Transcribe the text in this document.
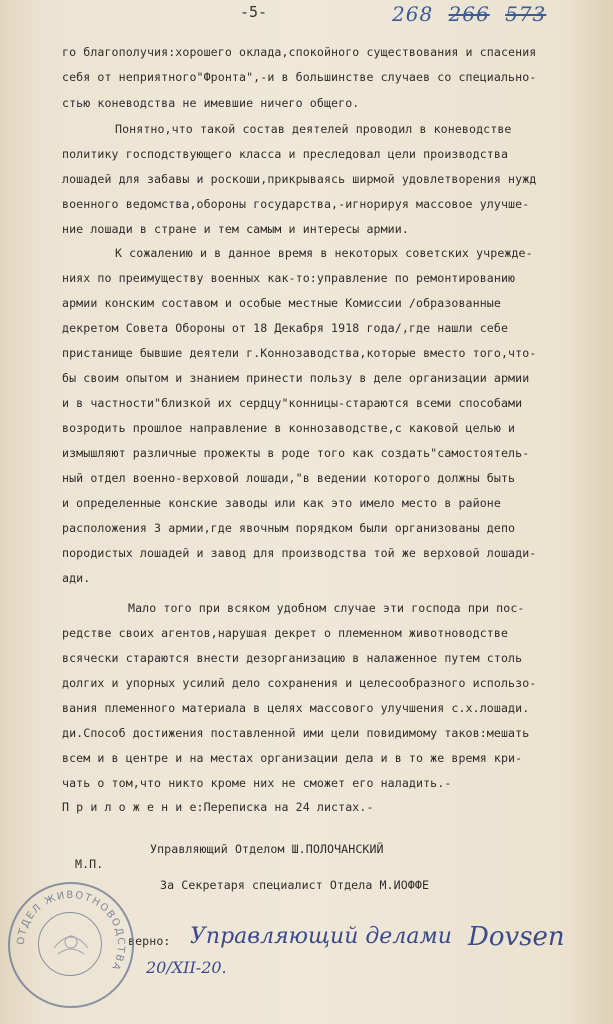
-5-	268 266 573
го благополучия:хорошего оклада,спокойного существования и спасения
себя от неприятного"Фронта",-и в большинстве случаев со специально-
стью коневодства не имевшие ничего общего.
Понятно,что такой состав деятелей проводил в коневодстве
политику господствующего класса и преследовал цели производства
лошадей для забавы и роскоши,прикрываясь ширмой удовлетворения нужд
военного ведомства,обороны государства,-игнорируя массовое улучше-
ние лошади в стране и тем самым и интересы армии.
К сожалению и в данное время в некоторых советских учрежде-
ниях по преимуществу военных как-то:управление по ремонтированию
армии конским составом и особые местные Комиссии /образованные
декретом Совета Обороны от 18 Декабря 1918 года/,где нашли себе
пристанище бывшие деятели г.Коннозаводства,которые вместо того,что-
бы своим опытом и знанием принести пользу в деле организации армии
и в частности"близкой их сердцу"конницы-стараются всеми способами
возродить прошлое направление в коннозаводстве,с каковой целью и
измышляют различные прожекты в роде того как создать"самостоятель-
ный отдел военно-верховой лошади,"в ведении которого должны быть
и определенные конские заводы или как это имело место в районе
расположения 3 армии,где явочным порядком были организованы депо
породистых лошадей и завод для производства той же верховой лошади-
ади.
Мало того при всяком удобном случае эти господа при пос-
редстве своих агентов,нарушая декрет о племенном животноводстве
всячески стараются внести дезорганизацию в налаженное путем столь
долгих и упорных усилий дело сохранения и целесообразного использо-
вания племенного материала в целях массового улучшения с.х.лошади.
ди.Способ достижения поставленной ими цели повидимому таков:мешать
всем и в центре и на местах организации дела и в то же время кри-
чать о том,что никто кроме них не сможет его наладить.-
П р и л о ж е н и е:Переписка на 24 листах.-
Управляющий Отделом Ш.ПОЛОЧАНСКИЙ
М.П.
За Секретаря специалист Отдела М.ИОФФЕ
верно: Управляющий делами Dovsen
20/XII-20.
ОТДЕЛ ЖИВОТНОВОДСТВА
